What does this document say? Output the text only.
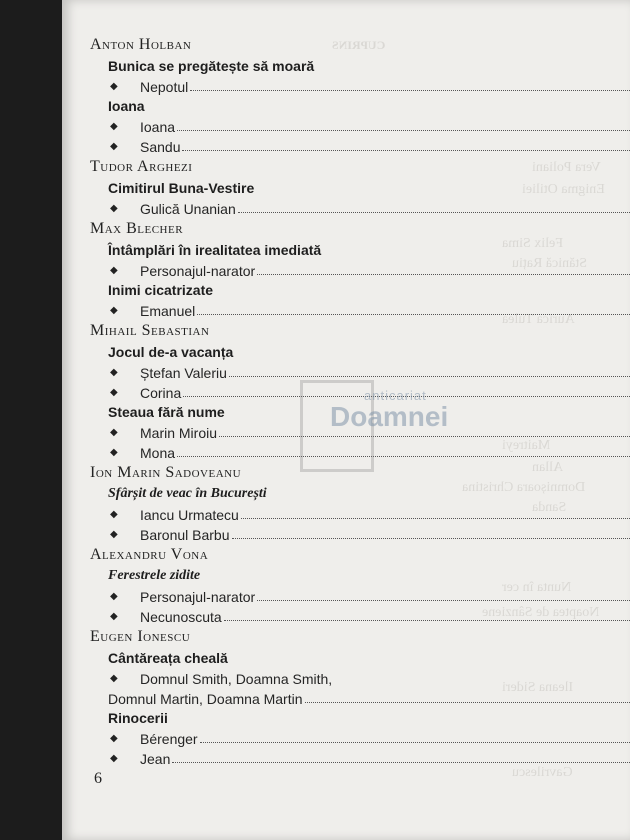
CUPRINS
Vera Poliani
Enigma Otiliei
Felix Sima
Stănică Rațiu
Aurica Tulea
Maitreyi
Allan
Domnișoara Christina
Sanda
Nunta în cer
Noaptea de Sânziene
Ileana Sideri
Gavrilescu
Anton Holban
Bunica se pregătește să moară
◆
Nepotul
Ioana
◆
Ioana
◆
Sandu
Tudor Arghezi
Cimitirul Buna-Vestire
◆
Gulică Unanian
Max Blecher
Întâmplări în irealitatea imediată
◆
Personajul-narator
Inimi cicatrizate
◆
Emanuel
Mihail Sebastian
Jocul de-a vacanța
◆
Ștefan Valeriu
◆
Corina
Steaua fără nume
◆
Marin Miroiu
◆
Mona
Ion Marin Sadoveanu
Sfârșit de veac în București
◆
Iancu Urmatecu
◆
Baronul Barbu
Alexandru Vona
Ferestrele zidite
◆
Personajul-narator
◆
Necunoscuta
Eugen Ionescu
Cântăreața cheală
◆
Domnul Smith, Doamna Smith,
Domnul Martin, Doamna Martin
Rinocerii
◆
Bérenger
◆
Jean
anticariat
Doamnei
6
